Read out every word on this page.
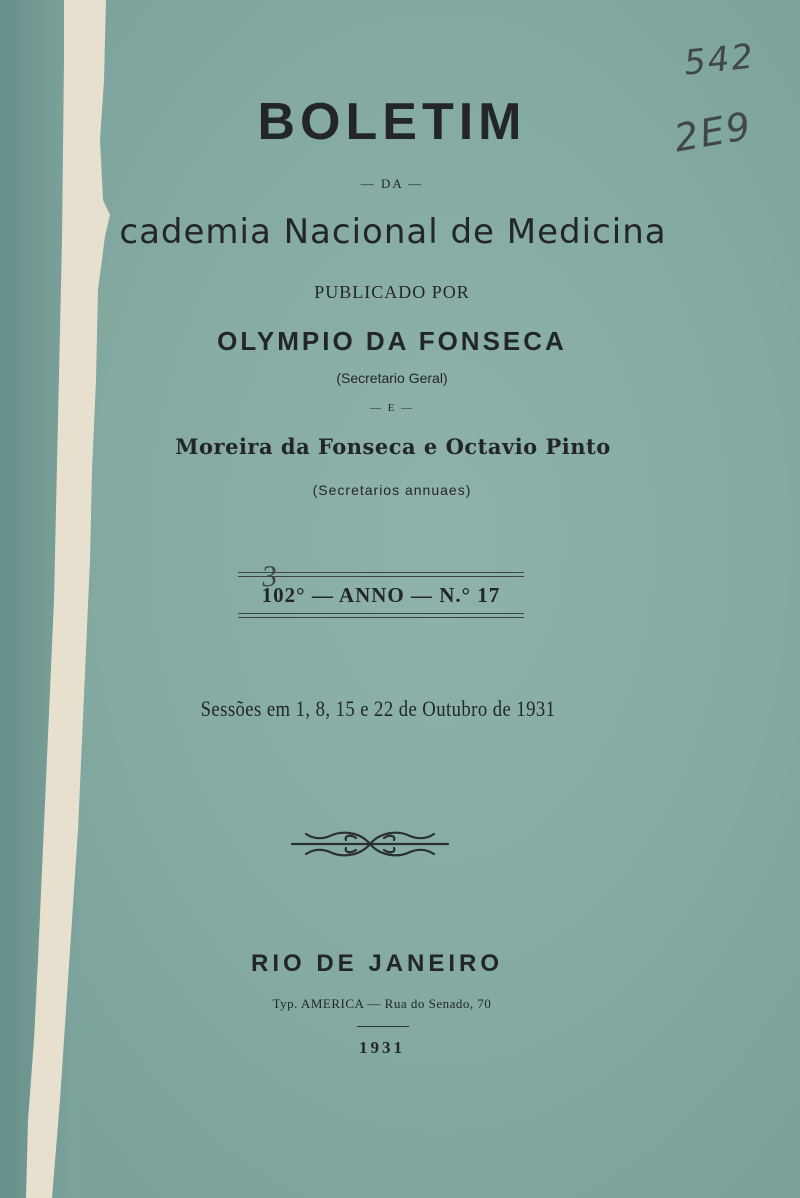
542
2E9
BOLETIM
— DA —
cademia Nacional de Medicina
PUBLICADO POR
OLYMPIO DA FONSECA
(Secretario Geral)
— E —
Moreira da Fonseca e Octavio Pinto
(Secretarios annuaes)
102° — ANNO — N.° 17
3
Sessões em 1, 8, 15 e 22 de Outubro de 1931
RIO DE JANEIRO
Typ. AMERICA — Rua do Senado, 70
1931
